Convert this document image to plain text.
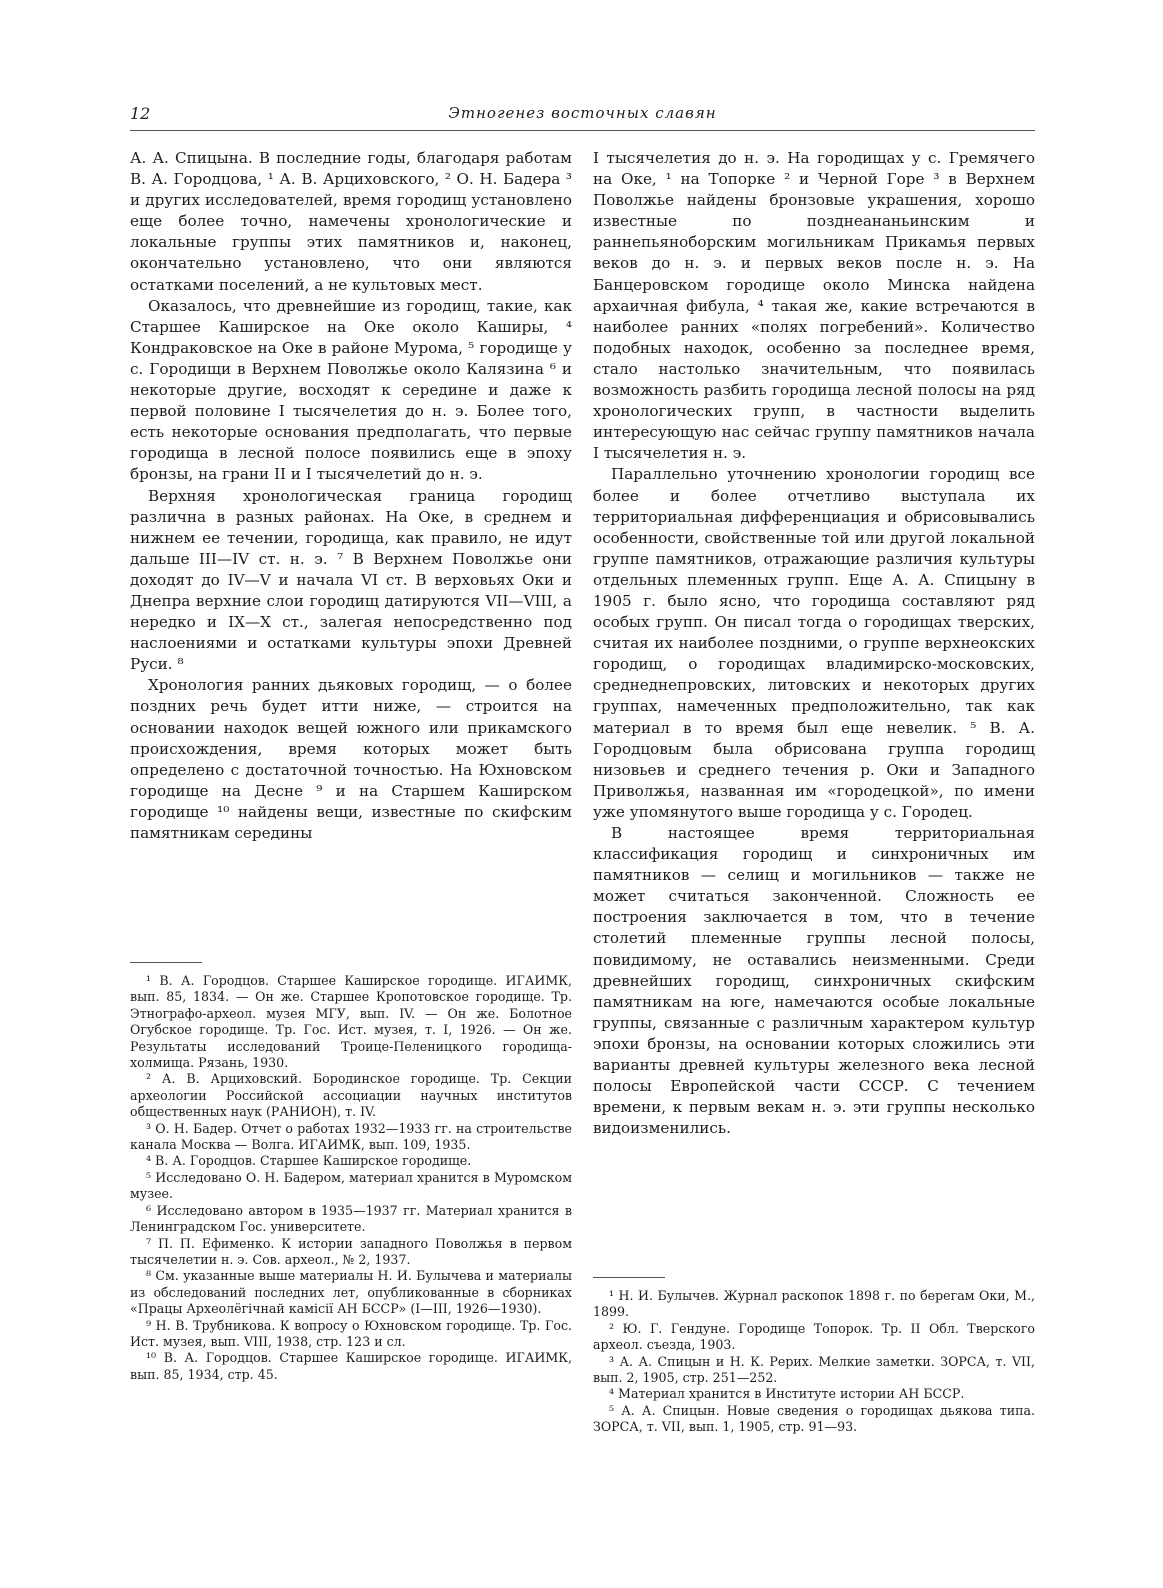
12	Этногенез восточных славян

А. А. Спицына. В последние годы, благодаря работам В. А. Городцова, ¹ А. В. Арциховского, ² О. Н. Бадера ³ и других исследователей, время городищ установлено еще более точно, намечены хронологические и локальные группы этих памятников и, наконец, окончательно установлено, что они являются остатками поселений, а не культовых мест.

Оказалось, что древнейшие из городищ, такие, как Старшее Каширское на Оке около Каширы, ⁴ Кондраковское на Оке в районе Мурома, ⁵ городище у с. Городищи в Верхнем Поволжье около Калязина ⁶ и некоторые другие, восходят к середине и даже к первой половине I тысячелетия до н. э. Более того, есть некоторые основания предполагать, что первые городища в лесной полосе появились еще в эпоху бронзы, на грани II и I тысячелетий до н. э.

Верхняя хронологическая граница городищ различна в разных районах. На Оке, в среднем и нижнем ее течении, городища, как правило, не идут дальше III—IV ст. н. э. ⁷ В Верхнем Поволжье они доходят до IV—V и начала VI ст. В верховьях Оки и Днепра верхние слои городищ датируются VII—VIII, а нередко и IX—X ст., залегая непосредственно под наслоениями и остатками культуры эпохи Древней Руси. ⁸

Хронология ранних дьяковых городищ, — о более поздних речь будет итти ниже, — строится на основании находок вещей южного или прикамского происхождения, время которых может быть определено с достаточной точностью. На Юхновском городище на Десне ⁹ и на Старшем Каширском городище ¹⁰ найдены вещи, известные по скифским памятникам середины

I тысячелетия до н. э. На городищах у с. Гремячего на Оке, ¹ на Топорке ² и Черной Горе ³ в Верхнем Поволжье найдены бронзовые украшения, хорошо известные по позднеананьинским и раннепьяноборским могильникам Прикамья первых веков до н. э. и первых веков после н. э. На Банцеровском городище около Минска найдена архаичная фибула, ⁴ такая же, какие встречаются в наиболее ранних «полях погребений». Количество подобных находок, особенно за последнее время, стало настолько значительным, что появилась возможность разбить городища лесной полосы на ряд хронологических групп, в частности выделить интересующую нас сейчас группу памятников начала I тысячелетия н. э.

Параллельно уточнению хронологии городищ все более и более отчетливо выступала их территориальная дифференциация и обрисовывались особенности, свойственные той или другой локальной группе памятников, отражающие различия культуры отдельных племенных групп. Еще А. А. Спицыну в 1905 г. было ясно, что городища составляют ряд особых групп. Он писал тогда о городищах тверских, считая их наиболее поздними, о группе верхнеокских городищ, о городищах владимирско-московских, среднеднепровских, литовских и некоторых других группах, намеченных предположительно, так как материал в то время был еще невелик. ⁵ В. А. Городцовым была обрисована группа городищ низовьев и среднего течения р. Оки и Западного Приволжья, названная им «городецкой», по имени уже упомянутого выше городища у с. Городец.

В настоящее время территориальная классификация городищ и синхроничных им памятников — селищ и могильников — также не может считаться законченной. Сложность ее построения заключается в том, что в течение столетий племенные группы лесной полосы, повидимому, не оставались неизменными. Среди древнейших городищ, синхроничных скифским памятникам на юге, намечаются особые локальные группы, связанные с различным характером культур эпохи бронзы, на основании которых сложились эти варианты древней культуры железного века лесной полосы Европейской части СССР. С течением времени, к первым векам н. э. эти группы несколько видоизменились.

¹ В. А. Городцов. Старшее Каширское городище. ИГАИМК, вып. 85, 1834. — Он же. Старшее Кропотовское городище. Тр. Этнографо-археол. музея МГУ, вып. IV. — Он же. Болотное Огубское городище. Тр. Гос. Ист. музея, т. I, 1926. — Он же. Результаты исследований Троице-Пеленицкого городища-холмища. Рязань, 1930.

² А. В. Арциховский. Бородинское городище. Тр. Секции археологии Российской ассоциации научных институтов общественных наук (РАНИОН), т. IV.

³ О. Н. Бадер. Отчет о работах 1932—1933 гг. на строительстве канала Москва — Волга. ИГАИМК, вып. 109, 1935.

⁴ В. А. Городцов. Старшее Каширское городище.

⁵ Исследовано О. Н. Бадером, материал хранится в Муромском музее.

⁶ Исследовано автором в 1935—1937 гг. Материал хранится в Ленинградском Гос. университете.

⁷ П. П. Ефименко. К истории западного Поволжья в первом тысячелетии н. э. Сов. археол., № 2, 1937.

⁸ См. указанные выше материалы Н. И. Булычева и материалы из обследований последних лет, опубликованные в сборниках «Працы Археолёгічнай камісії АН БССР» (I—III, 1926—1930).

⁹ Н. В. Трубникова. К вопросу о Юхновском городище. Тр. Гос. Ист. музея, вып. VIII, 1938, стр. 123 и сл.

¹⁰ В. А. Городцов. Старшее Каширское городище. ИГАИМК, вып. 85, 1934, стр. 45.

¹ Н. И. Булычев. Журнал раскопок 1898 г. по берегам Оки, М., 1899.

² Ю. Г. Гендуне. Городище Топорок. Тр. II Обл. Тверского археол. съезда, 1903.

³ А. А. Спицын и Н. К. Рерих. Мелкие заметки. ЗОРСА, т. VII, вып. 2, 1905, стр. 251—252.

⁴ Материал хранится в Институте истории АН БССР.

⁵ А. А. Спицын. Новые сведения о городищах дьякова типа. ЗОРСА, т. VII, вып. 1, 1905, стр. 91—93.
